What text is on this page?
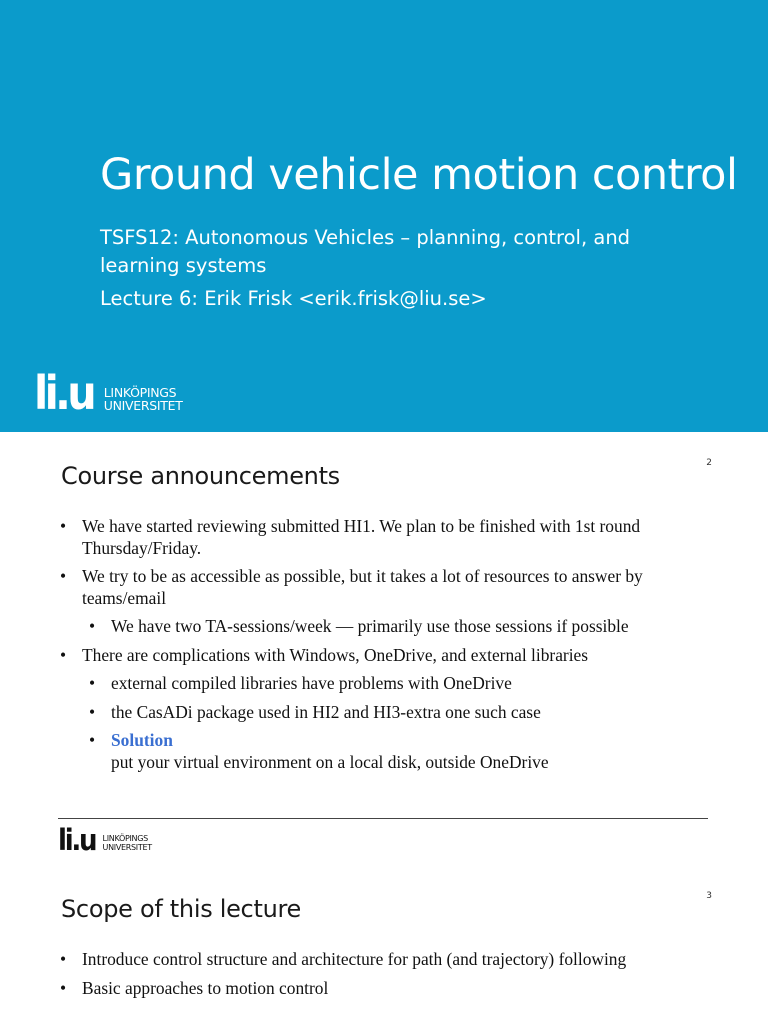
Ground vehicle motion control

TSFS12: Autonomous Vehicles – planning, control, and learning systems

Lecture 6: Erik Frisk <erik.frisk@liu.se>

li.u LINKÖPINGS
UNIVERSITET
2
Course announcements
• We have started reviewing submitted HI1. We plan to be finished with 1st round Thursday/Friday.
• We try to be as accessible as possible, but it takes a lot of resources to answer by teams/email
• We have two TA-sessions/week — primarily use those sessions if possible
• There are complications with Windows, OneDrive, and external libraries
• external compiled libraries have problems with OneDrive
• the CasADi package used in HI2 and HI3-extra one such case
• Solution
put your virtual environment on a local disk, outside OneDrive
li.u LINKÖPINGS
UNIVERSITET
3
Scope of this lecture
• Introduce control structure and architecture for path (and trajectory) following
• Basic approaches to motion control
